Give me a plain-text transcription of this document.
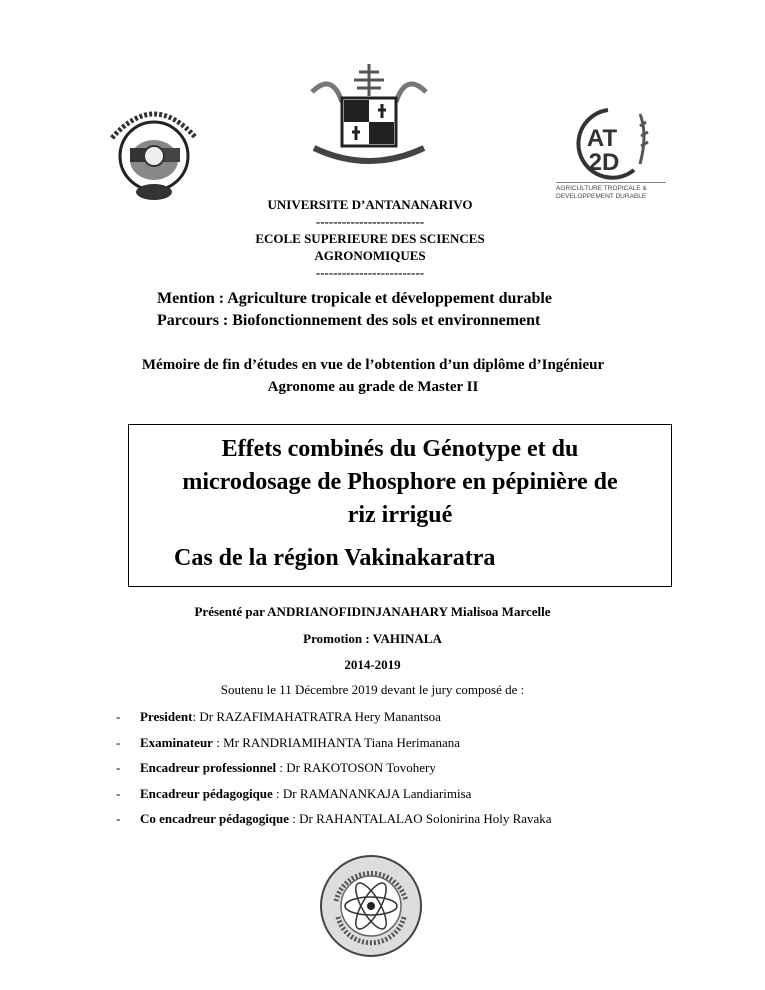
AT
2D
AGRICULTURE TROPICALE &
DEVELOPPEMENT DURABLE
UNIVERSITE D’ANTANANARIVO
-------------------------
ECOLE SUPERIEURE DES SCIENCES
AGRONOMIQUES
-------------------------
Mention : Agriculture tropicale et développement durable
Parcours : Biofonctionnement des sols et environnement
Mémoire de fin d’études en vue de l’obtention d’un diplôme d’Ingénieur
Agronome au grade de Master II
Effets combinés du Génotype et du
microdosage de Phosphore en pépinière de
riz irrigué
Cas de la région Vakinakaratra
Présenté par ANDRIANOFIDINJANAHARY Mialisoa Marcelle
Promotion : VAHINALA
2014-2019
Soutenu le 11 Décembre 2019 devant le jury composé de :
- President: Dr RAZAFIMAHATRATRA Hery Manantsoa
- Examinateur : Mr RANDRIAMIHANTA Tiana Herimanana
- Encadreur professionnel : Dr RAKOTOSON Tovohery
- Encadreur pédagogique : Dr RAMANANKAJA Landiarimisa
- Co encadreur pédagogique : Dr RAHANTALALAO Solonirina Holy Ravaka
